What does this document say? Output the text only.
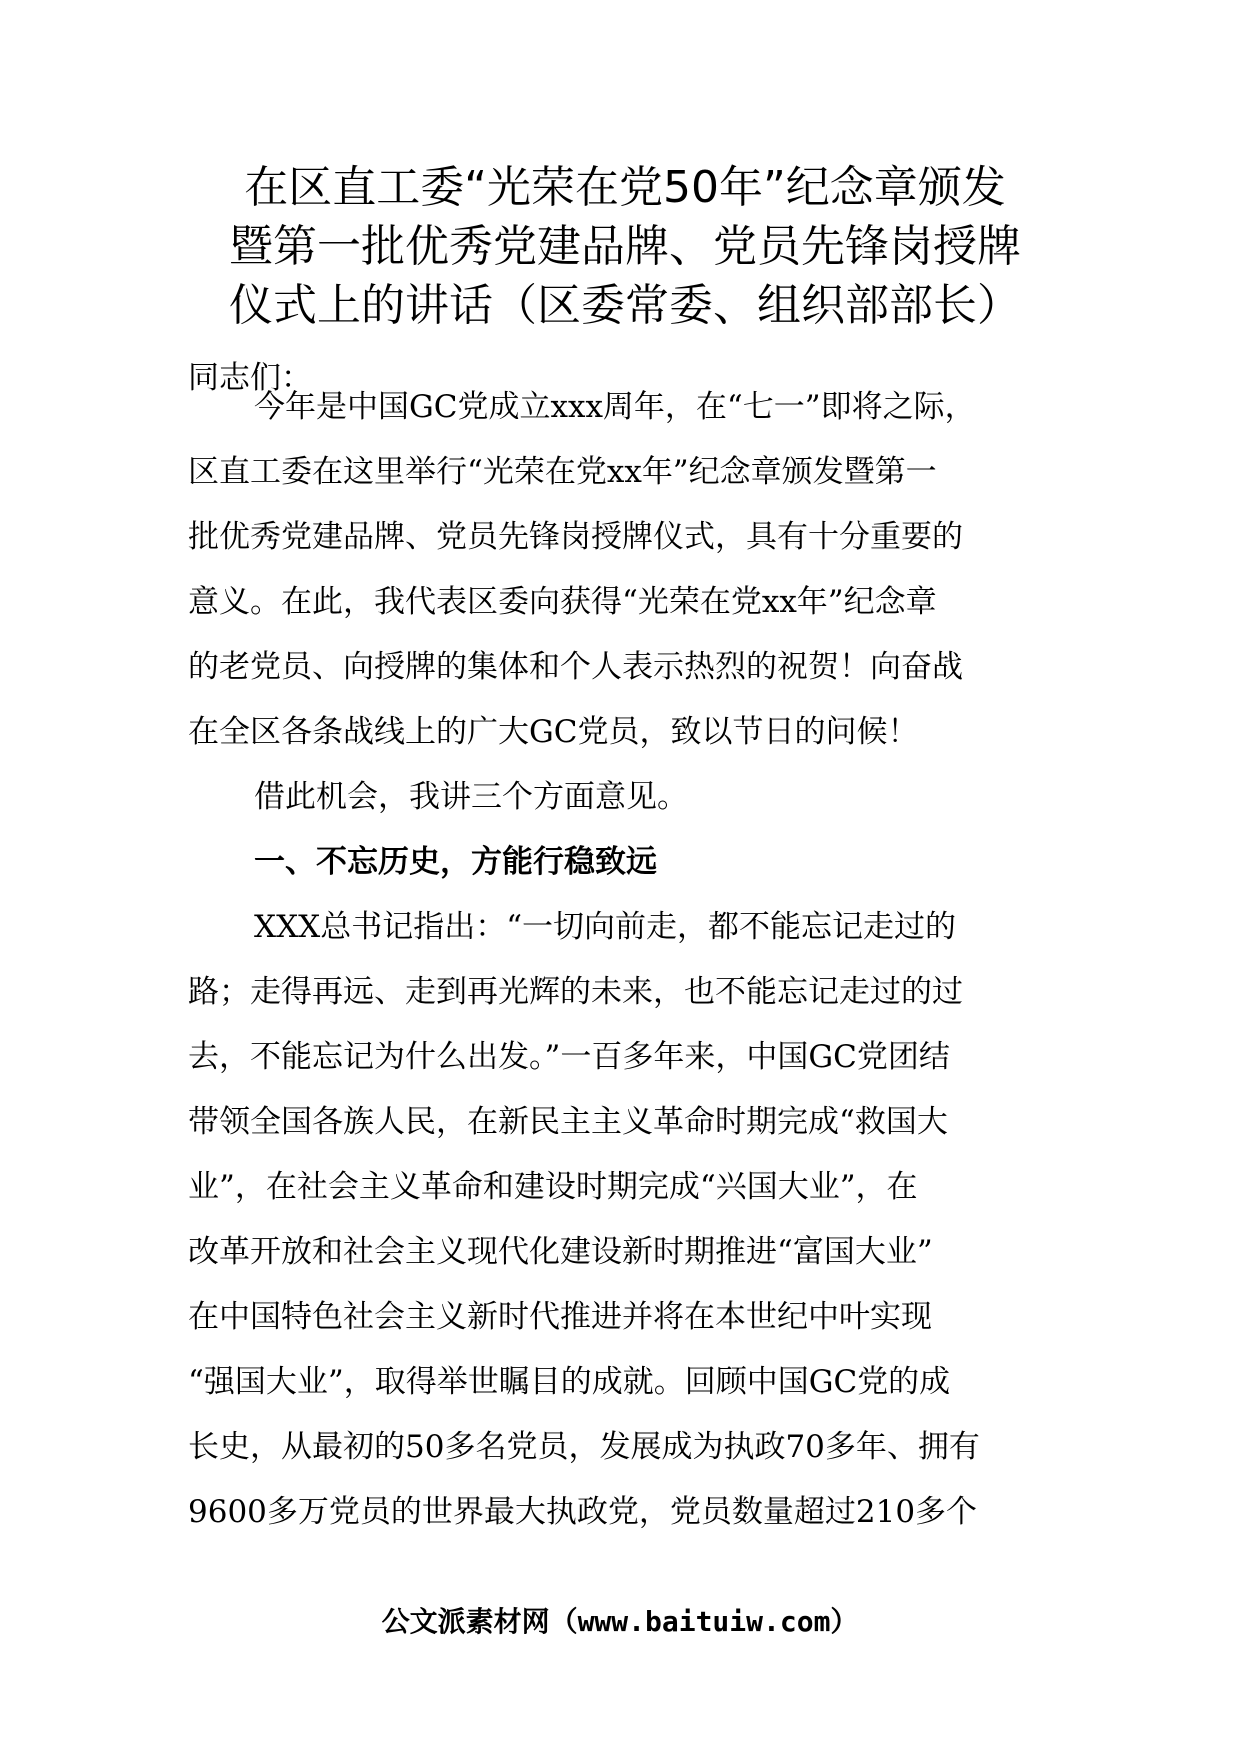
在区直工委“光荣在党50年”纪念章颁发
暨第一批优秀党建品牌、党员先锋岗授牌
仪式上的讲话（区委常委、组织部部长）
同志们：
今年是中国GC党成立xxx周年，在“七一”即将之际，
区直工委在这里举行“光荣在党xx年”纪念章颁发暨第一
批优秀党建品牌、党员先锋岗授牌仪式，具有十分重要的
意义。在此，我代表区委向获得“光荣在党xx年”纪念章
的老党员、向授牌的集体和个人表示热烈的祝贺！向奋战
在全区各条战线上的广大GC党员，致以节日的问候！
借此机会，我讲三个方面意见。
一、不忘历史，方能行稳致远
XXX总书记指出：“一切向前走，都不能忘记走过的
路；走得再远、走到再光辉的未来，也不能忘记走过的过
去，不能忘记为什么出发。”一百多年来，中国GC党团结
带领全国各族人民，在新民主主义革命时期完成“救国大
业”，在社会主义革命和建设时期完成“兴国大业”，在
改革开放和社会主义现代化建设新时期推进“富国大业”
在中国特色社会主义新时代推进并将在本世纪中叶实现
“强国大业”，取得举世瞩目的成就。回顾中国GC党的成
长史，从最初的50多名党员，发展成为执政70多年、拥有
9600多万党员的世界最大执政党，党员数量超过210多个
公文派素材网（www.baituiw.com）
